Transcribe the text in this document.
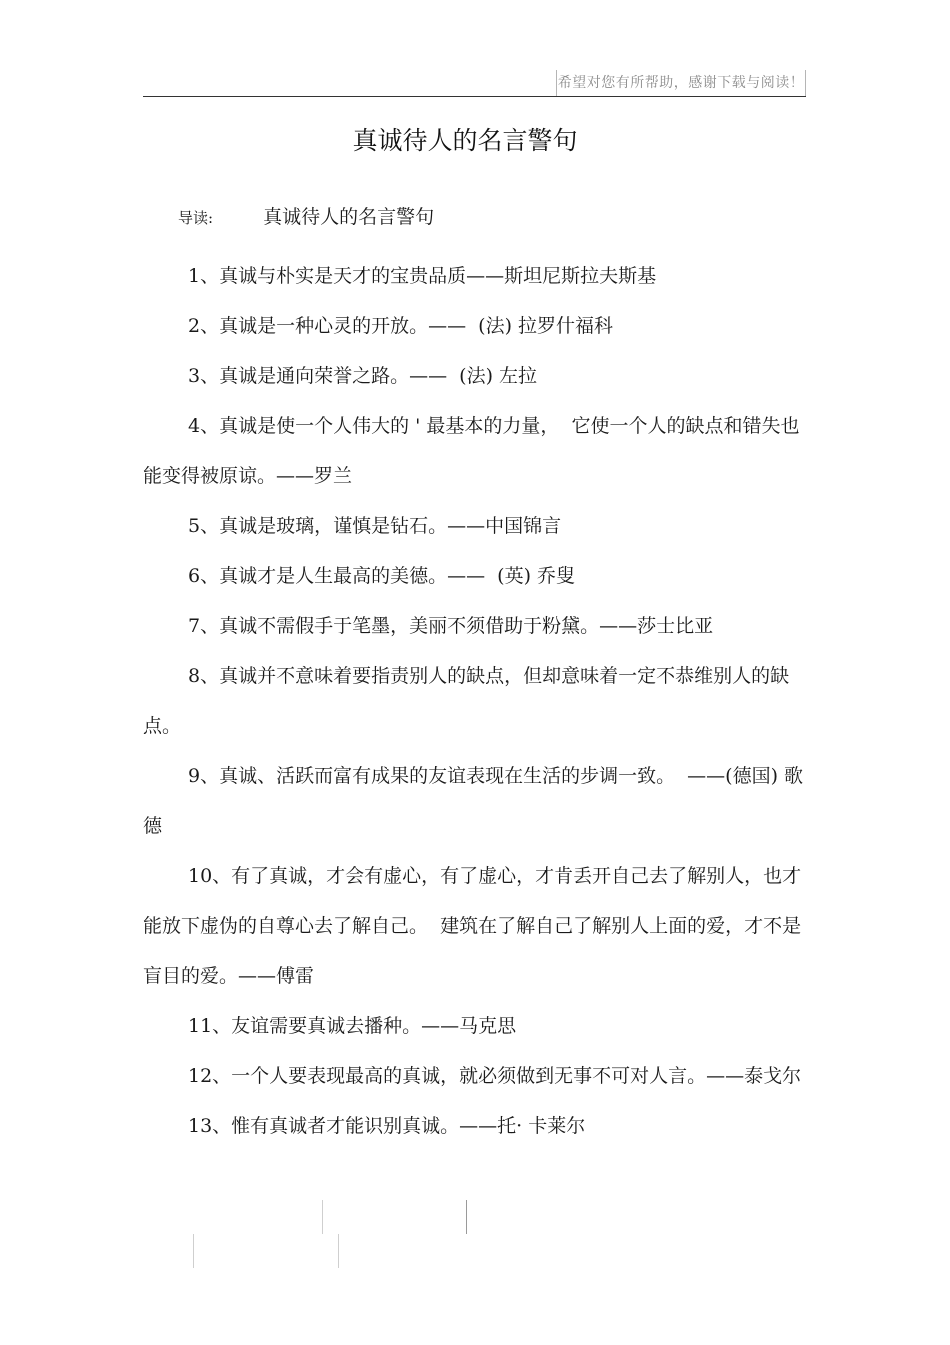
希望对您有所帮助，感谢下载与阅读！
真诚待人的名言警句
导读:	真诚待人的名言警句

1、真诚与朴实是天才的宝贵品质——斯坦尼斯拉夫斯基

2、真诚是一种心灵的开放。——  (法) 拉罗什福科

3、真诚是通向荣誉之路。——  (法) 左拉

4、真诚是使一个人伟大的 ' 最基本的力量，  它使一个人的缺点和错失也能变得被原谅。——罗兰

5、真诚是玻璃，谨慎是钻石。——中国锦言

6、真诚才是人生最高的美德。——  (英) 乔叟

7、真诚不需假手于笔墨，美丽不须借助于粉黛。——莎士比亚

8、真诚并不意味着要指责别人的缺点，但却意味着一定不恭维别人的缺点。

9、真诚、活跃而富有成果的友谊表现在生活的步调一致。  ——(德国) 歌德

10、有了真诚，才会有虚心，有了虚心，才肯丢开自己去了解别人，也才能放下虚伪的自尊心去了解自己。  建筑在了解自己了解别人上面的爱，才不是盲目的爱。——傅雷

11、友谊需要真诚去播种。——马克思

12、一个人要表现最高的真诚，就必须做到无事不可对人言。——泰戈尔

13、惟有真诚者才能识别真诚。——托· 卡莱尔
